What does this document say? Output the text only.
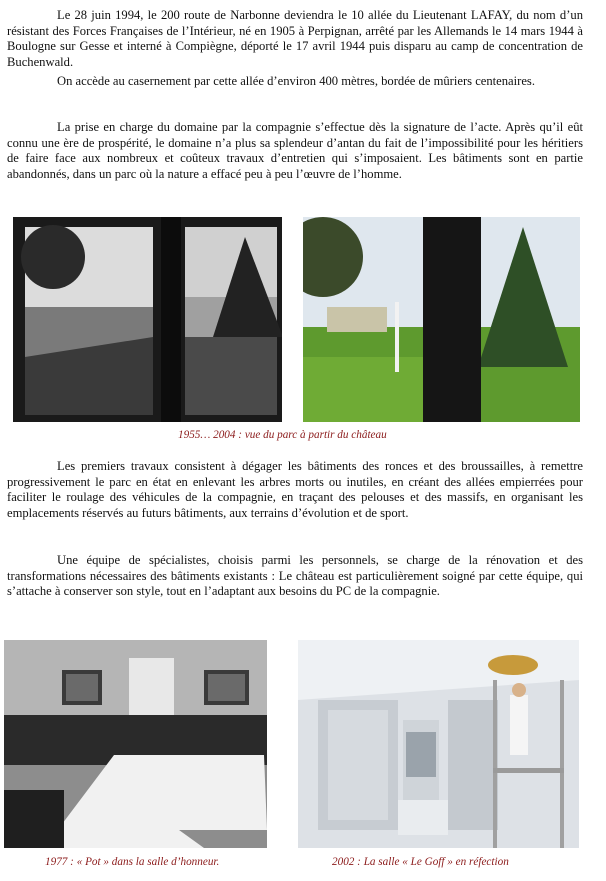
Le 28 juin 1994, le 200 route de Narbonne deviendra le 10 allée du Lieutenant LAFAY, du nom d’un résistant des Forces Françaises de l’Intérieur, né en 1905 à Perpignan, arrêté par les Allemands le 14 mars 1944 à Boulogne sur Gesse et interné à Compiègne, déporté le 17 avril 1944 puis disparu au camp de concentration de Buchenwald.

On accède au casernement par cette allée d’environ 400 mètres, bordée de mûriers centenaires.

La prise en charge du domaine par la compagnie s’effectue dès la signature de l’acte. Après qu’il eût connu une ère de prospérité, le domaine n’a plus sa splendeur d’antan du fait de l’impossibilité pour les héritiers de faire face aux nombreux et coûteux travaux d’entretien qui s’imposaient. Les bâtiments sont en partie abandonnés, dans un parc où la nature a effacé peu à peu l’œuvre de l’homme.

1955… 2004 : vue du parc à partir du château

Les premiers travaux consistent à dégager les bâtiments des ronces et des broussailles, à remettre progressivement le parc en état en enlevant les arbres morts ou inutiles, en créant des allées empierrées pour faciliter le roulage des véhicules de la compagnie, en traçant des pelouses et des massifs, en organisant les emplacements réservés au futurs bâtiments, aux terrains d’évolution et de sport.

Une équipe de spécialistes, choisis parmi les personnels, se charge de la rénovation et des transformations nécessaires des bâtiments existants : Le château est particulièrement soigné par cette équipe, qui s’attache à conserver son style, tout en l’adaptant aux besoins du PC de la compagnie.

1977 : « Pot » dans la salle d’honneur.	2002 : La salle « Le Goff » en réfection
